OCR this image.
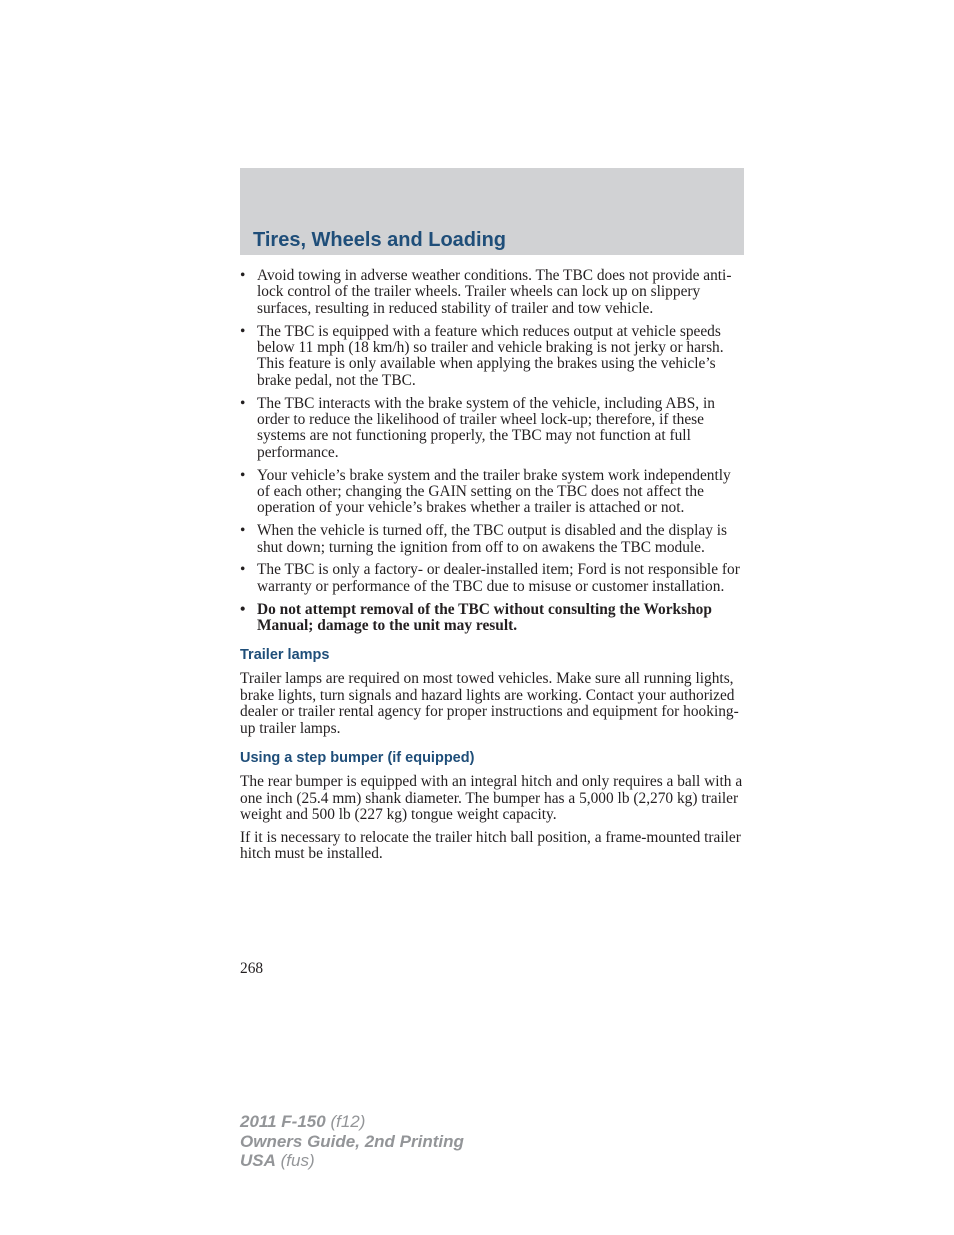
Tires, Wheels and Loading
• Avoid towing in adverse weather conditions. The TBC does not provide anti-lock control of the trailer wheels. Trailer wheels can lock up on slippery surfaces, resulting in reduced stability of trailer and tow vehicle.
• The TBC is equipped with a feature which reduces output at vehicle speeds below 11 mph (18 km/h) so trailer and vehicle braking is not jerky or harsh. This feature is only available when applying the brakes using the vehicle’s brake pedal, not the TBC.
• The TBC interacts with the brake system of the vehicle, including ABS, in order to reduce the likelihood of trailer wheel lock-up; therefore, if these systems are not functioning properly, the TBC may not function at full performance.
• Your vehicle’s brake system and the trailer brake system work independently of each other; changing the GAIN setting on the TBC does not affect the operation of your vehicle’s brakes whether a trailer is attached or not.
• When the vehicle is turned off, the TBC output is disabled and the display is shut down; turning the ignition from off to on awakens the TBC module.
• The TBC is only a factory- or dealer-installed item; Ford is not responsible for warranty or performance of the TBC due to misuse or customer installation.
• Do not attempt removal of the TBC without consulting the Workshop Manual; damage to the unit may result.
Trailer lamps

Trailer lamps are required on most towed vehicles. Make sure all running lights, brake lights, turn signals and hazard lights are working. Contact your authorized dealer or trailer rental agency for proper instructions and equipment for hooking-up trailer lamps.

Using a step bumper (if equipped)

The rear bumper is equipped with an integral hitch and only requires a ball with a one inch (25.4 mm) shank diameter. The bumper has a 5,000 lb (2,270 kg) trailer weight and 500 lb (227 kg) tongue weight capacity.

If it is necessary to relocate the trailer hitch ball position, a frame-mounted trailer hitch must be installed.

268
2011 F-150 (f12)
Owners Guide, 2nd Printing
USA (fus)
